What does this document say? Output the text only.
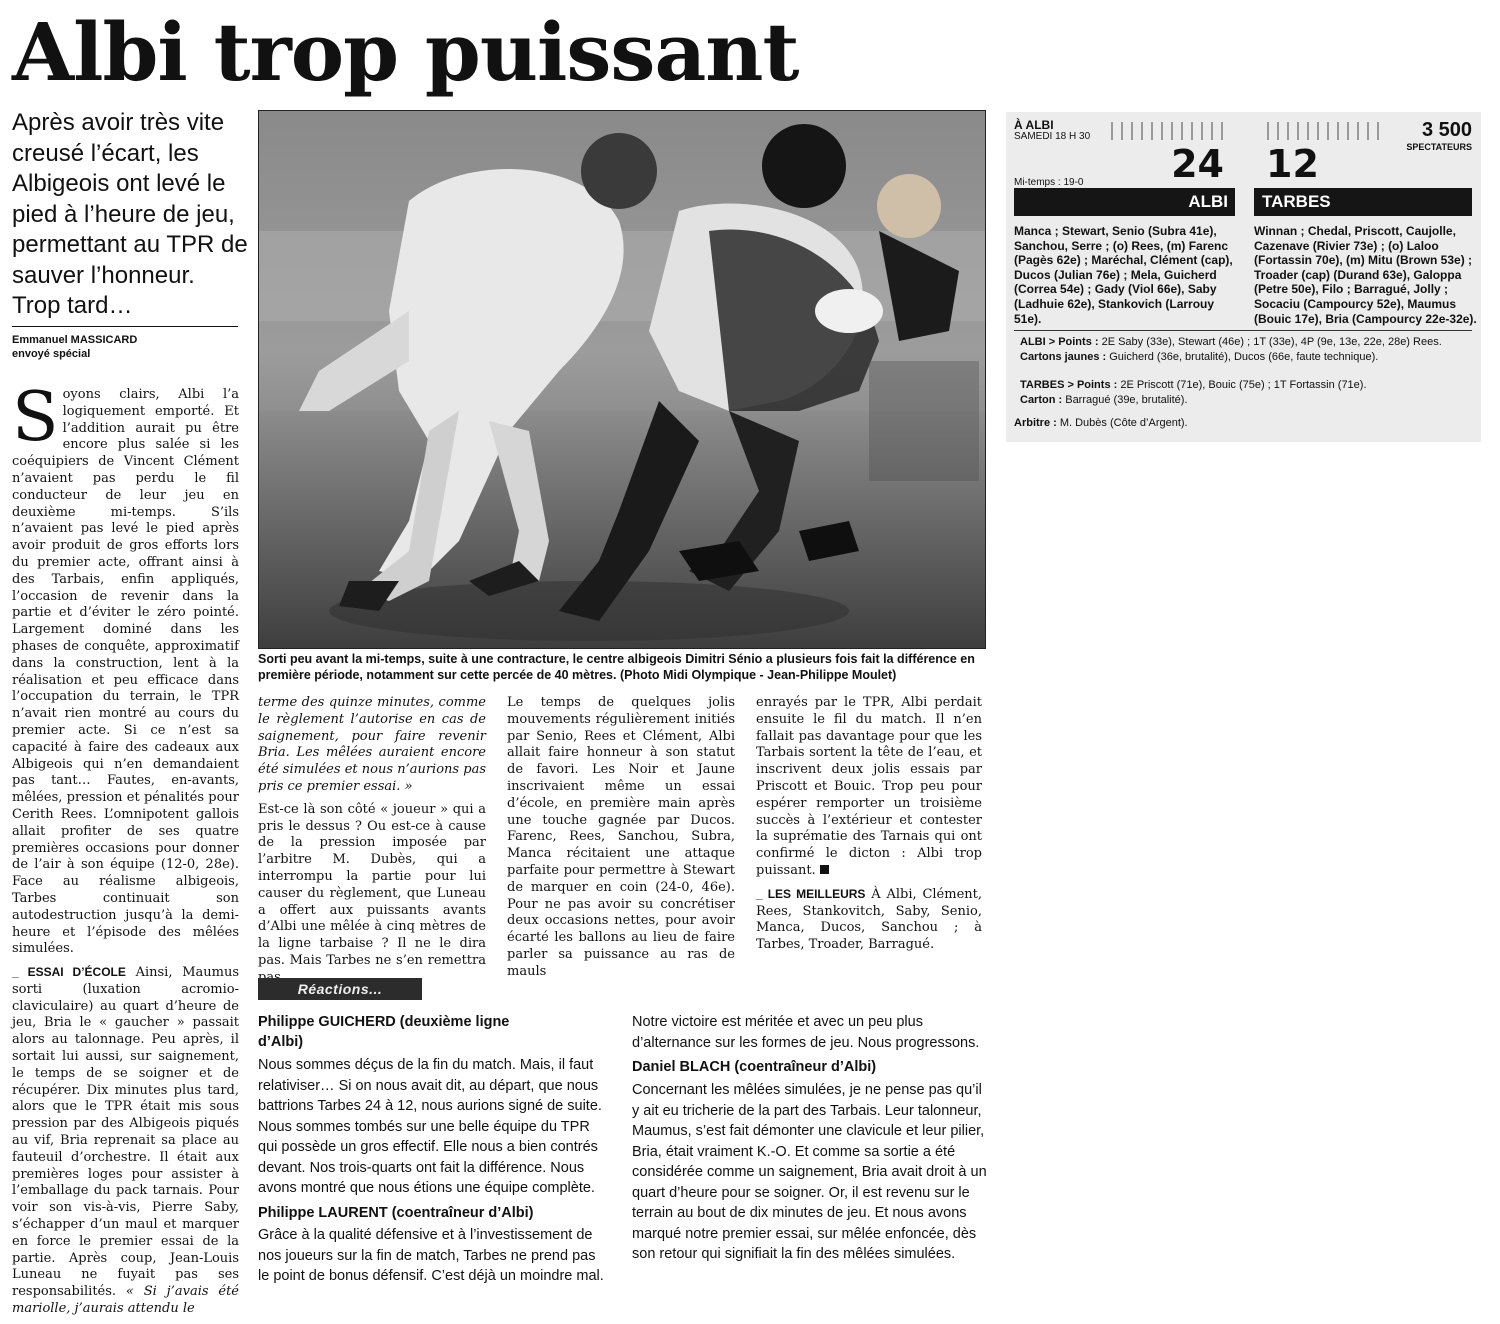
Albi trop puissant
Après avoir très vite creusé l’écart, les Albigeois ont levé le pied à l’heure de jeu, permettant au TPR de sauver l’honneur. Trop tard…
Emmanuel MASSICARD
envoyé spécial

Soyons clairs, Albi l’a logiquement emporté. Et l’addition aurait pu être encore plus salée si les coéquipiers de Vincent Clément n’avaient pas perdu le fil conducteur de leur jeu en deuxième mi-temps. S’ils n’avaient pas levé le pied après avoir produit de gros efforts lors du premier acte, offrant ainsi à des Tarbais, enfin appliqués, l’occasion de revenir dans la partie et d’éviter le zéro pointé. Largement dominé dans les phases de conquête, approximatif dans la construction, lent à la réalisation et peu efficace dans l’occupation du terrain, le TPR n’avait rien montré au cours du premier acte. Si ce n’est sa capacité à faire des cadeaux aux Albigeois qui n’en demandaient pas tant… Fautes, en-avants, mêlées, pression et pénalités pour Cerith Rees. L’omnipotent gallois allait profiter de ses quatre premières occasions pour donner de l’air à son équipe (12-0, 28e). Face au réalisme albigeois, Tarbes continuait son autodestruction jusqu’à la demi-heure et l’épisode des mêlées simulées.

_ ESSAI D’ÉCOLE Ainsi, Maumus sorti (luxation acromio-claviculaire) au quart d’heure de jeu, Bria le « gaucher » passait alors au talonnage. Peu après, il sortait lui aussi, sur saignement, le temps de se soigner et de récupérer. Dix minutes plus tard, alors que le TPR était mis sous pression par des Albigeois piqués au vif, Bria reprenait sa place au fauteuil d’orchestre. Il était aux premières loges pour assister à l’emballage du pack tarnais. Pour voir son vis-à-vis, Pierre Saby, s’échapper d’un maul et marquer en force le premier essai de la partie. Après coup, Jean-Louis Luneau ne fuyait pas ses responsabilités. « Si j’avais été mariolle, j’aurais attendu le

terme des quinze minutes, comme le règlement l’autorise en cas de saignement, pour faire revenir Bria. Les mêlées auraient encore été simulées et nous n’aurions pas pris ce premier essai. »

Est-ce là son côté « joueur » qui a pris le dessus ? Ou est-ce à cause de la pression imposée par l’arbitre M. Dubès, qui a interrompu la partie pour lui causer du règlement, que Luneau a offert aux puissants avants d’Albi une mêlée à cinq mètres de la ligne tarbaise ? Il ne le dira pas. Mais Tarbes ne s’en remettra

Le temps de quelques jolis mouvements régulièrement initiés par Senio, Rees et Clément, Albi allait faire honneur à son statut de favori. Les Noir et Jaune inscrivaient même un essai d’école, en première main après une touche gagnée par Ducos. Farenc, Rees, Sanchou, Subra, Manca récitaient une attaque parfaite pour permettre à Stewart de marquer en coin (24-0, 46e). Pour ne pas avoir su concrétiser deux occasions nettes, pour avoir écarté les ballons au lieu de faire parler sa puissance au ras de mauls

enrayés par le TPR, Albi perdait ensuite le fil du match. Il n’en fallait pas davantage pour que les Tarbais sortent la tête de l’eau, et inscrivent deux jolis essais par Priscott et Bouic. Trop peu pour espérer remporter un troisième succès à l’extérieur et contester la suprématie des Tarnais qui ont confirmé le dicton : Albi trop puissant.

_ LES MEILLEURS À Albi, Clément, Rees, Stankovitch, Saby, Senio, Manca, Ducos, Sanchou ; à Tarbes, Troader, Barragué.

Sorti peu avant la mi-temps, suite à une contracture, le centre albigeois Dimitri Sénio a plusieurs fois fait la différence en première période, notamment sur cette percée de 40 mètres. (Photo Midi Olympique - Jean-Philippe Moulet)
Réactions...
Philippe GUICHERD (deuxième ligne d’Albi)
Nous sommes déçus de la fin du match. Mais, il faut relativiser… Si on nous avait dit, au départ, que nous battrions Tarbes 24 à 12, nous aurions signé de suite. Nous sommes tombés sur une belle équipe du TPR qui possède un gros effectif. Elle nous a bien contrés devant. Nos trois-quarts ont fait la différence. Nous avons montré que nous étions une équipe complète.
Philippe LAURENT (coentraîneur d’Albi)
Grâce à la qualité défensive et à l’investissement de nos joueurs sur la fin de match, Tarbes ne prend pas le point de bonus défensif. C’est déjà un moindre mal.
Notre victoire est méritée et avec un peu plus d’alternance sur les formes de jeu. Nous progressons.
Daniel BLACH (coentraîneur d’Albi)
Concernant les mêlées simulées, je ne pense pas qu’il y ait eu tricherie de la part des Tarbais. Leur talonneur, Maumus, s’est fait démonter une clavicule et leur pilier, Bria, était vraiment K.-O. Et comme sa sortie a été considérée comme un saignement, Bria avait droit à un quart d’heure pour se soigner. Or, il est revenu sur le terrain au bout de dix minutes de jeu. Et nous avons marqué notre premier essai, sur mêlée enfoncée, dès son retour qui signifiait la fin des mêlées simulées.
À ALBI
SAMEDI 18 H 30	3 500
SPECTATEURS
24 12
Mi-temps : 19-0
ALBI TARBES
Manca ; Stewart, Senio (Subra 41e), Sanchou, Serre ; (o) Rees, (m) Farenc (Pagès 62e) ; Maréchal, Clément (cap), Ducos (Julian 76e) ; Mela, Guicherd (Correa 54e) ; Gady (Viol 66e), Saby (Ladhuie 62e), Stankovich (Larrouy 51e).
Winnan ; Chedal, Priscott, Caujolle, Cazenave (Rivier 73e) ; (o) Laloo (Fortassin 70e), (m) Mitu (Brown 53e) ; Troader (cap) (Durand 63e), Galoppa (Petre 50e), Filo ; Barragué, Jolly ; Socaciu (Campourcy 52e), Maumus (Bouic 17e), Bria (Campourcy 22e-32e).
ALBI > Points : 2E Saby (33e), Stewart (46e) ; 1T (33e), 4P (9e, 13e, 22e, 28e) Rees.
Cartons jaunes : Guicherd (36e, brutalité), Ducos (66e, faute technique).
TARBES > Points : 2E Priscott (71e), Bouic (75e) ; 1T Fortassin (71e).
Carton : Barragué (39e, brutalité).
Arbitre : M. Dubès (Côte d’Argent).
